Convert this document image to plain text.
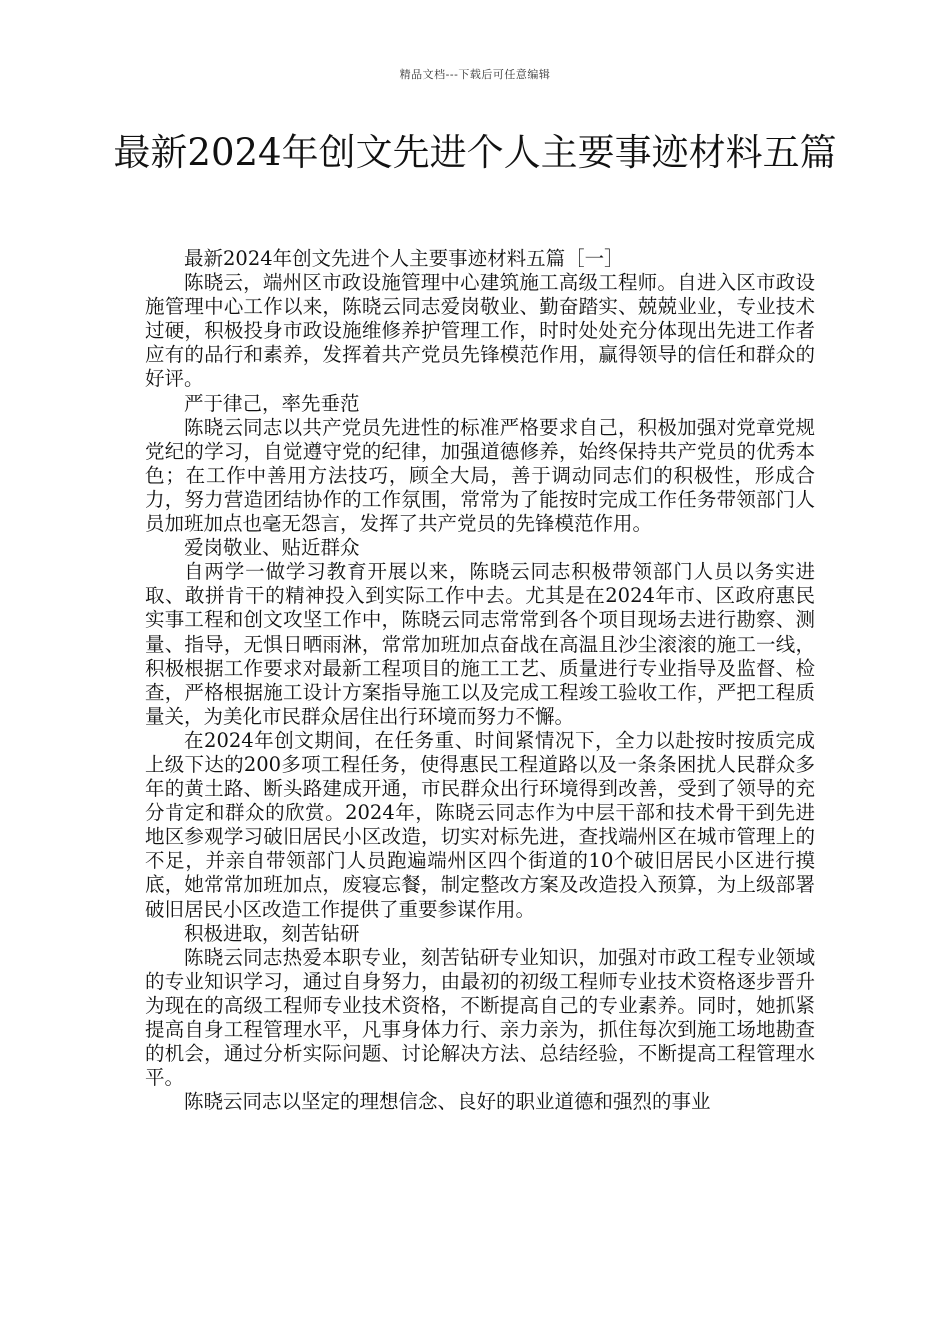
精品文档---下载后可任意编辑
最新2024年创文先进个人主要事迹材料五篇

最新2024年创文先进个人主要事迹材料五篇［一］

陈晓云，端州区市政设施管理中心建筑施工高级工程师。自进入区市政设施管理中心工作以来，陈晓云同志爱岗敬业、勤奋踏实、兢兢业业，专业技术过硬，积极投身市政设施维修养护管理工作，时时处处充分体现出先进工作者应有的品行和素养，发挥着共产党员先锋模范作用，赢得领导的信任和群众的好评。

严于律己，率先垂范

陈晓云同志以共产党员先进性的标准严格要求自己，积极加强对党章党规党纪的学习，自觉遵守党的纪律，加强道德修养，始终保持共产党员的优秀本色；在工作中善用方法技巧，顾全大局，善于调动同志们的积极性，形成合力，努力营造团结协作的工作氛围，常常为了能按时完成工作任务带领部门人员加班加点也毫无怨言，发挥了共产党员的先锋模范作用。

爱岗敬业、贴近群众

自两学一做学习教育开展以来，陈晓云同志积极带领部门人员以务实进取、敢拼肯干的精神投入到实际工作中去。尤其是在2024年市、区政府惠民实事工程和创文攻坚工作中，陈晓云同志常常到各个项目现场去进行勘察、测量、指导，无惧日晒雨淋，常常加班加点奋战在高温且沙尘滚滚的施工一线，积极根据工作要求对最新工程项目的施工工艺、质量进行专业指导及监督、检查，严格根据施工设计方案指导施工以及完成工程竣工验收工作，严把工程质量关，为美化市民群众居住出行环境而努力不懈。

在2024年创文期间，在任务重、时间紧情况下，全力以赴按时按质完成上级下达的200多项工程任务，使得惠民工程道路以及一条条困扰人民群众多年的黄土路、断头路建成开通，市民群众出行环境得到改善，受到了领导的充分肯定和群众的欣赏。2024年，陈晓云同志作为中层干部和技术骨干到先进地区参观学习破旧居民小区改造，切实对标先进，查找端州区在城市管理上的不足，并亲自带领部门人员跑遍端州区四个街道的10个破旧居民小区进行摸底，她常常加班加点，废寝忘餐，制定整改方案及改造投入预算，为上级部署破旧居民小区改造工作提供了重要参谋作用。

积极进取，刻苦钻研

陈晓云同志热爱本职专业，刻苦钻研专业知识，加强对市政工程专业领域的专业知识学习，通过自身努力，由最初的初级工程师专业技术资格逐步晋升为现在的高级工程师专业技术资格，不断提高自己的专业素养。同时，她抓紧提高自身工程管理水平，凡事身体力行、亲力亲为，抓住每次到施工场地勘查的机会，通过分析实际问题、讨论解决方法、总结经验，不断提高工程管理水平。

陈晓云同志以坚定的理想信念、良好的职业道德和强烈的事业
